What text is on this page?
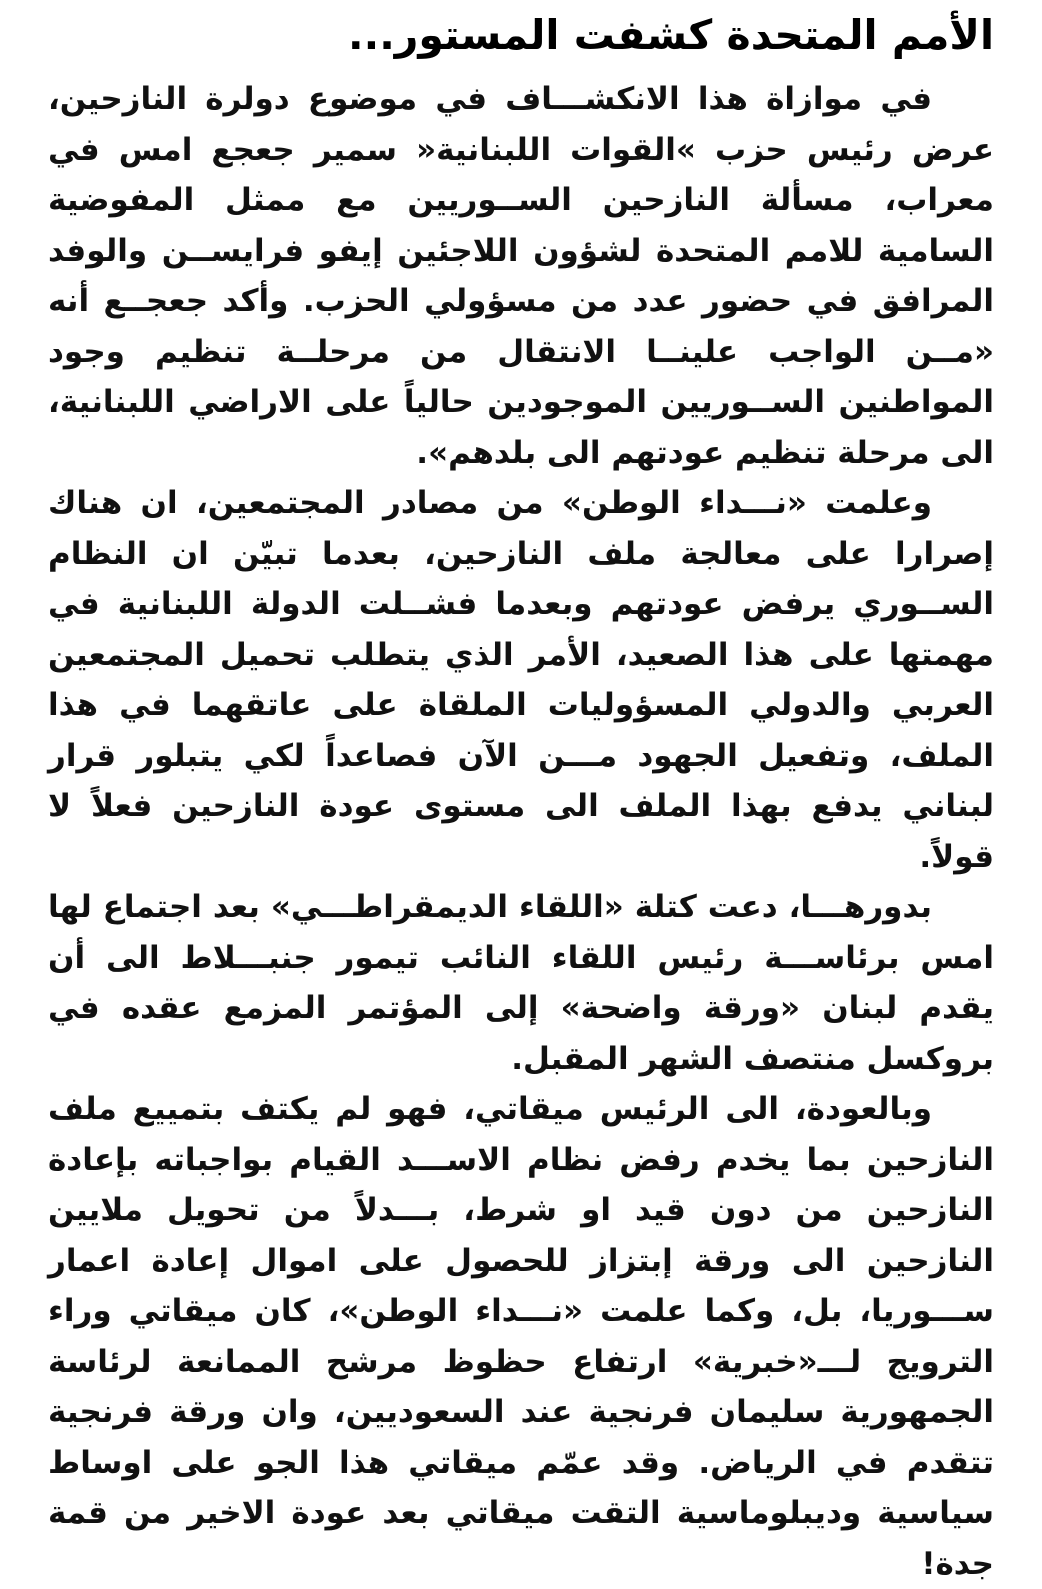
الأمم المتحدة كشفت المستور...

في موازاة هذا الانكشـــاف في موضوع دولرة النازحين، عرض رئيس حزب »القوات اللبنانية« سمير جعجع امس في معراب، مسألة النازحين الســوريين مع ممثل المفوضية السامية للامم المتحدة لشؤون اللاجئين إيفو فرايســن والوفد المرافق في حضور عدد من مسؤولي الحزب. وأكد جعجــع أنه «مــن الواجب علينــا الانتقال من مرحلــة تنظيم وجود المواطنين الســوريين الموجودين حالياً على الاراضي اللبنانية، الى مرحلة تنظيم عودتهم الى بلدهم».

وعلمت «نـــداء الوطن» من مصادر المجتمعين، ان هناك إصرارا على معالجة ملف النازحين، بعدما تبيّن ان النظام الســوري يرفض عودتهم وبعدما فشــلت الدولة اللبنانية في مهمتها على هذا الصعيد، الأمر الذي يتطلب تحميل المجتمعين العربي والدولي المسؤوليات الملقاة على عاتقهما في هذا الملف، وتفعيل الجهود مـــن الآن فصاعداً لكي يتبلور قرار لبناني يدفع بهذا الملف الى مستوى عودة النازحين فعلاً لا قولاً.

بدورهـــا، دعت كتلة «اللقاء الديمقراطـــي» بعد اجتماع لها امس برئاســـة رئيس اللقاء النائب تيمور جنبـــلاط الى أن يقدم لبنان «ورقة واضحة» إلى المؤتمر المزمع عقده في بروكسل منتصف الشهر المقبل.

وبالعودة، الى الرئيس ميقاتي، فهو لم يكتف بتمييع ملف النازحين بما يخدم رفض نظام الاســـد القيام بواجباته بإعادة النازحين من دون قيد او شرط، بـــدلاً من تحويل ملايين النازحين الى ورقة إبتزاز للحصول على اموال إعادة اعمار ســـوريا، بل، وكما علمت «نـــداء الوطن»، كان ميقاتي وراء الترويج لـــ«خبرية» ارتفاع حظوظ مرشح الممانعة لرئاسة الجمهورية سليمان فرنجية عند السعوديين، وان ورقة فرنجية تتقدم في الرياض. وقد عمّم ميقاتي هذا الجو على اوساط سياسية وديبلوماسية التقت ميقاتي بعد عودة الاخير من قمة جدة!
